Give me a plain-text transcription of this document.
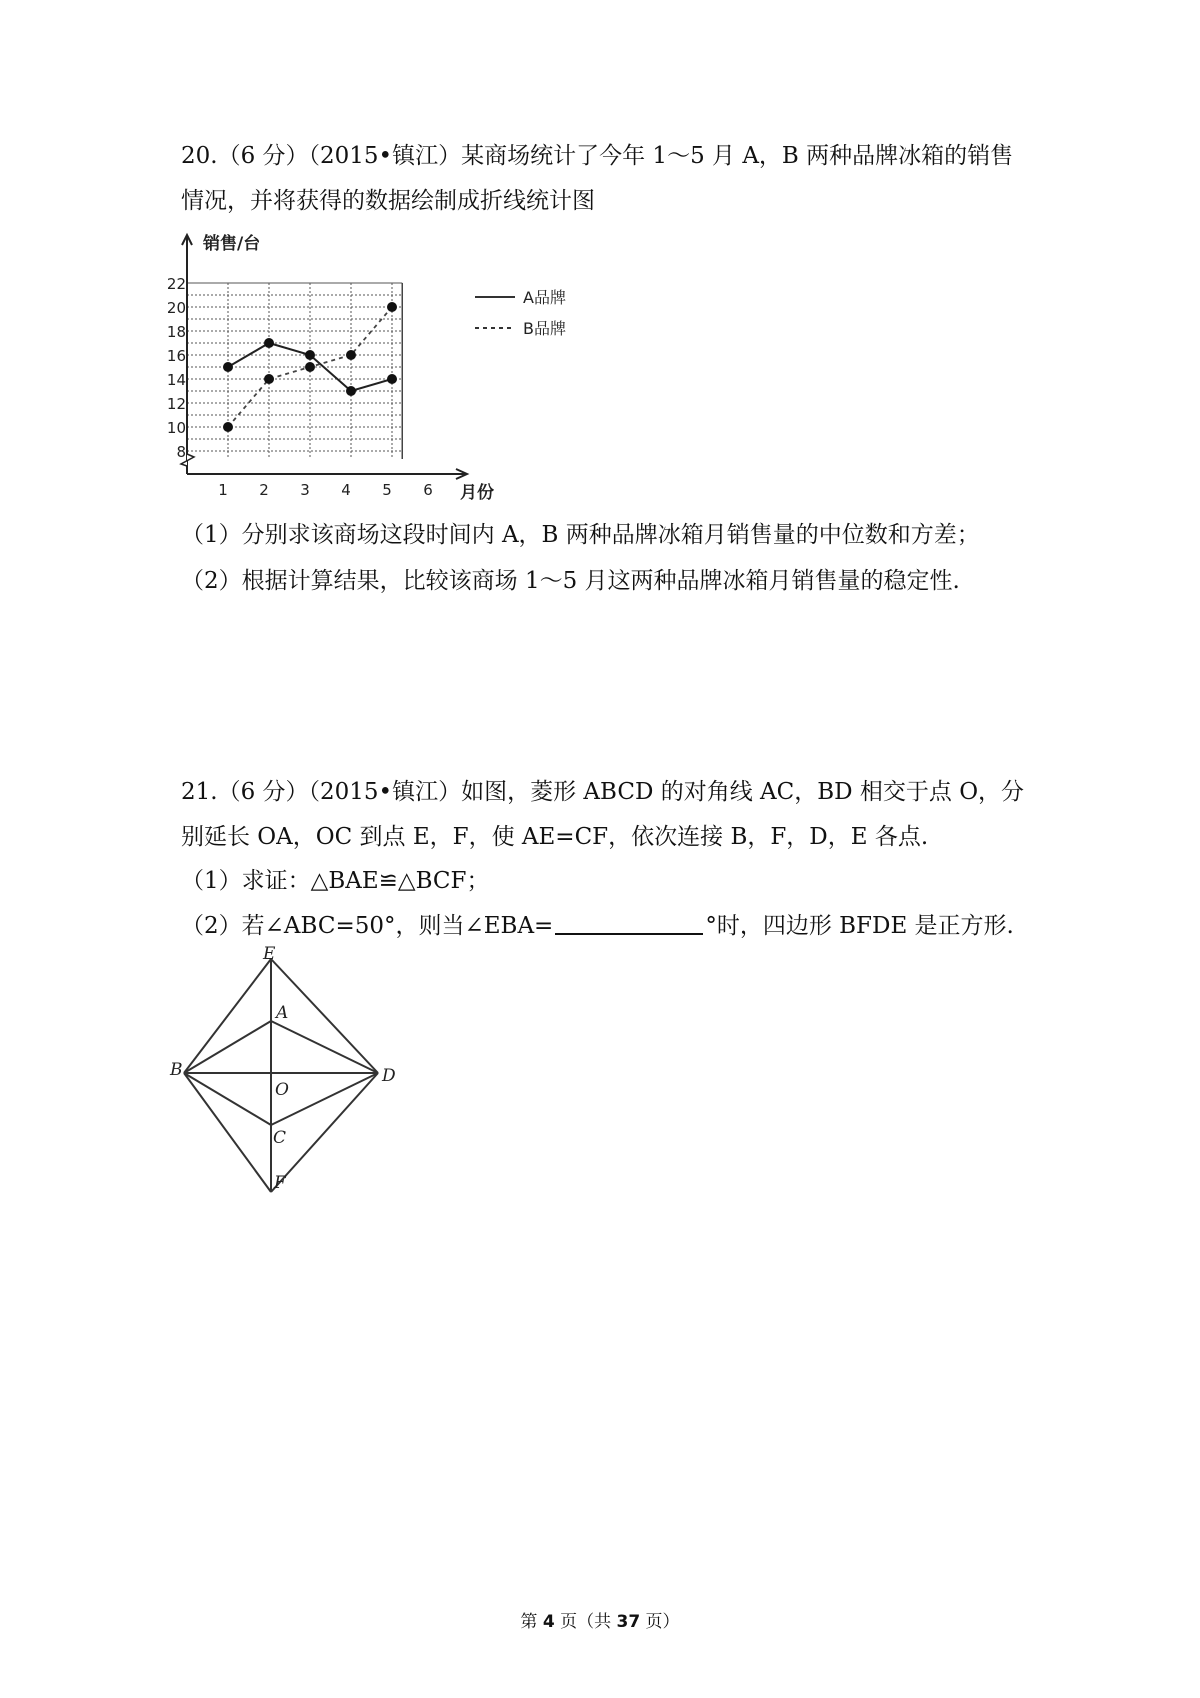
20.（6 分）（2015•镇江）某商场统计了今年 1～5 月 A，B 两种品牌冰箱的销售
情况，并将获得的数据绘制成折线统计图
销售/台
月份
8
10
12
14
16
18
20
22
1 2 3 4 5 6
A品牌
B品牌
（1）分别求该商场这段时间内 A，B 两种品牌冰箱月销售量的中位数和方差；
（2）根据计算结果，比较该商场 1～5 月这两种品牌冰箱月销售量的稳定性.
21.（6 分）（2015•镇江）如图，菱形 ABCD 的对角线 AC，BD 相交于点 O，分
别延长 OA，OC 到点 E，F，使 AE=CF，依次连接 B，F，D，E 各点.
（1）求证：△BAE≌△BCF；
（2）若∠ABC=50°，则当∠EBA=	°时，四边形 BFDE 是正方形.
E
A
B
O
D
C
F
第 4 页（共 37 页）
